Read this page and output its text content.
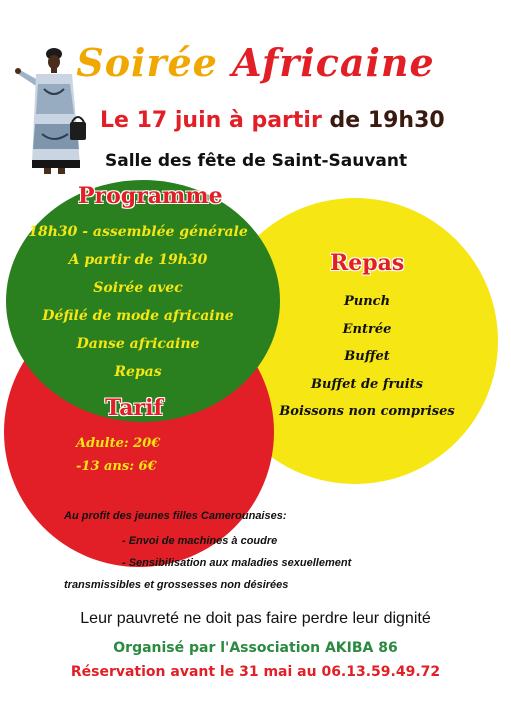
Soirée Africaine
Le 17 juin à partir de 19h30
Salle des fête de Saint-Sauvant
Programme
18h30 - assemblée générale
A partir de 19h30
Soirée avec
Défilé de mode africaine
Danse africaine
Repas
Repas
Punch
Entrée
Buffet
Buffet de fruits
Boissons non comprises
Tarif
Adulte: 20€
-13 ans: 6€
Au profit des jeunes filles Camerounaises:
- Envoi de machines à coudre
- Sensibilisation aux maladies sexuellement
transmissibles et grossesses non désirées
Leur pauvreté ne doit pas faire perdre leur dignité
Organisé par l'Association AKIBA 86
Réservation avant le 31 mai au 06.13.59.49.72
